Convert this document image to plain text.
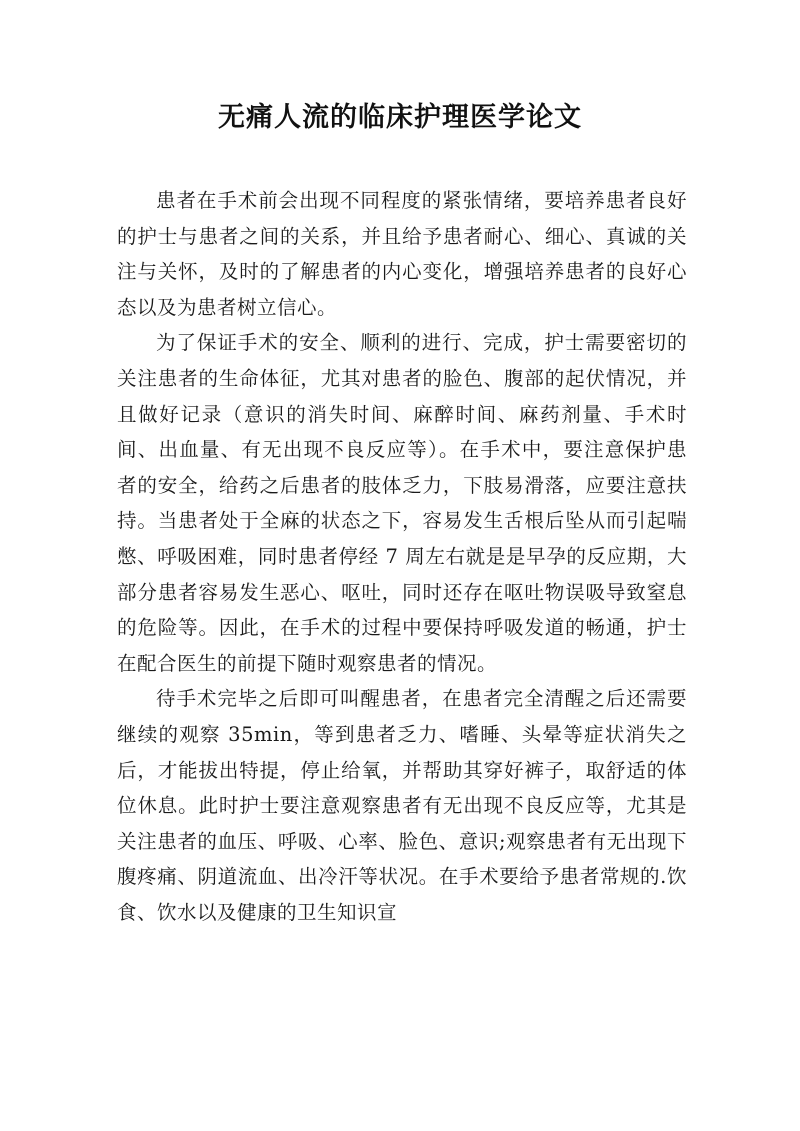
无痛人流的临床护理医学论文

患者在手术前会出现不同程度的紧张情绪，要培养患者良好的护士与患者之间的关系，并且给予患者耐心、细心、真诚的关注与关怀，及时的了解患者的内心变化，增强培养患者的良好心态以及为患者树立信心。

为了保证手术的安全、顺利的进行、完成，护士需要密切的关注患者的生命体征，尤其对患者的脸色、腹部的起伏情况，并且做好记录（意识的消失时间、麻醉时间、麻药剂量、手术时间、出血量、有无出现不良反应等）。在手术中，要注意保护患者的安全，给药之后患者的肢体乏力，下肢易滑落，应要注意扶持。当患者处于全麻的状态之下，容易发生舌根后坠从而引起喘憋、呼吸困难，同时患者停经 7 周左右就是是早孕的反应期，大部分患者容易发生恶心、呕吐，同时还存在呕吐物误吸导致窒息的危险等。因此，在手术的过程中要保持呼吸发道的畅通，护士在配合医生的前提下随时观察患者的情况。

待手术完毕之后即可叫醒患者，在患者完全清醒之后还需要继续的观察 35min，等到患者乏力、嗜睡、头晕等症状消失之后，才能拔出特提，停止给氧，并帮助其穿好裤子，取舒适的体位休息。此时护士要注意观察患者有无出现不良反应等，尤其是关注患者的血压、呼吸、心率、脸色、意识;观察患者有无出现下腹疼痛、阴道流血、出冷汗等状况。在手术要给予患者常规的.饮食、饮水以及健康的卫生知识宣
